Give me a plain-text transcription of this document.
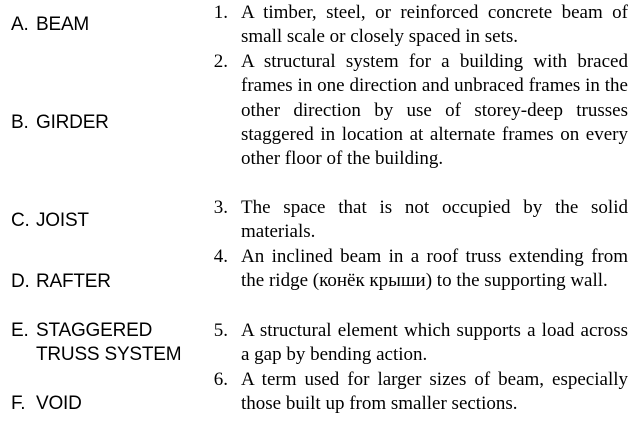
A. BEAM
B. GIRDER
C. JOIST
D. RAFTER
E. STAGGERED
TRUSS SYSTEM
F. VOID
1. A timber, steel, or reinforced concrete beam of small scale or closely spaced in sets.
2. A structural system for a building with braced frames in one direction and unbraced frames in the other direction by use of storey-deep trusses staggered in location at alternate frames on every other floor of the building.
3. The space that is not occupied by the solid materials.
4. An inclined beam in a roof truss extending from the ridge (конёк крыши) to the supporting wall.
5. A structural element which supports a load across a gap by bending action.
6. A term used for larger sizes of beam, especially those built up from smaller sections.
